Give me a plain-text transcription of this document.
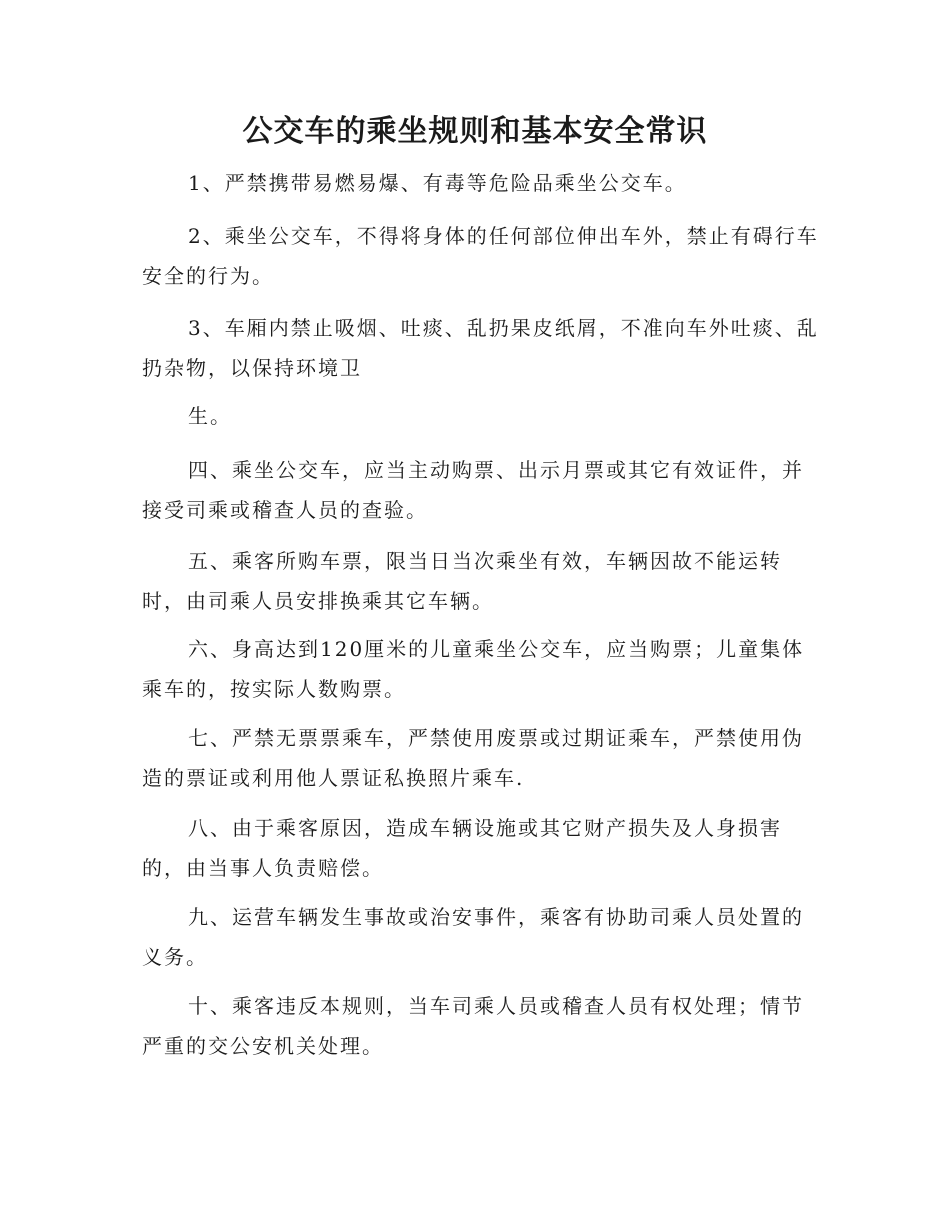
公交车的乘坐规则和基本安全常识
1、严禁携带易燃易爆、有毒等危险品乘坐公交车。
2、乘坐公交车，不得将身体的任何部位伸出车外，禁止有碍行车
安全的行为。
3、车厢内禁止吸烟、吐痰、乱扔果皮纸屑，不准向车外吐痰、乱
扔杂物，以保持环境卫
生。
四、乘坐公交车，应当主动购票、出示月票或其它有效证件，并
接受司乘或稽查人员的查验。
五、乘客所购车票，限当日当次乘坐有效，车辆因故不能运转
时，由司乘人员安排换乘其它车辆。
六、身高达到120厘米的儿童乘坐公交车，应当购票；儿童集体
乘车的，按实际人数购票。
七、严禁无票票乘车，严禁使用废票或过期证乘车，严禁使用伪
造的票证或利用他人票证私换照片乘车.
八、由于乘客原因，造成车辆设施或其它财产损失及人身损害
的，由当事人负责赔偿。
九、运营车辆发生事故或治安事件，乘客有协助司乘人员处置的
义务。
十、乘客违反本规则，当车司乘人员或稽查人员有权处理；情节
严重的交公安机关处理。
